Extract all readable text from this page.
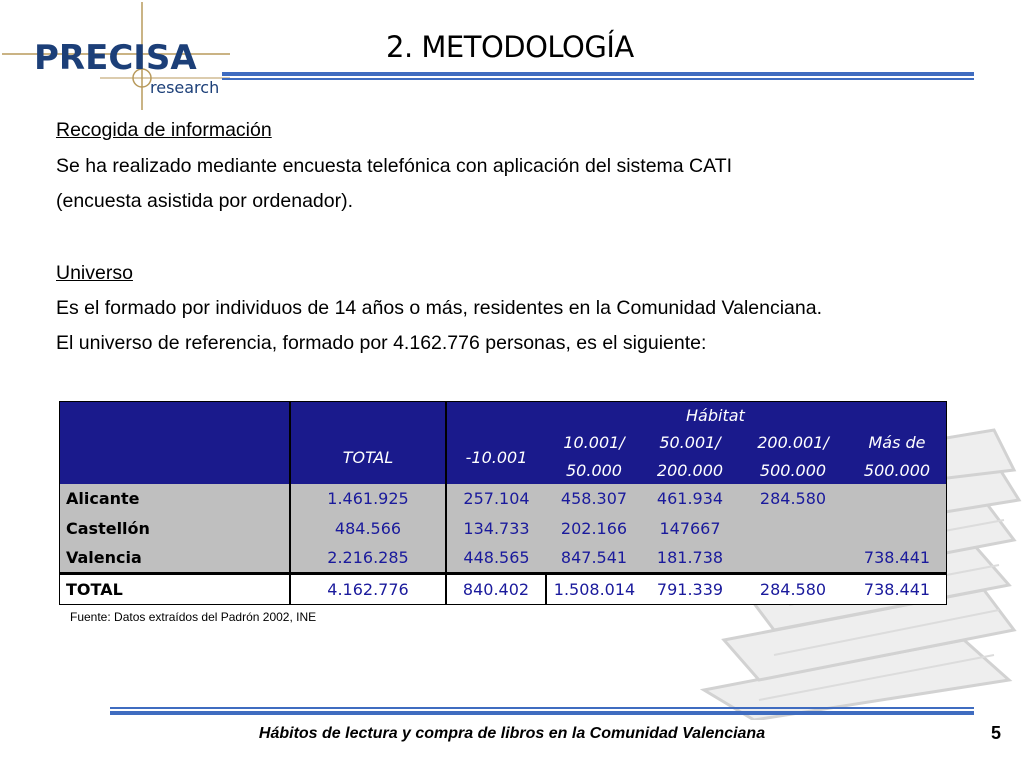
PRECISA
research
2. METODOLOGÍA
Recogida de información
Se ha realizado mediante encuesta telefónica con aplicación del sistema CATI
(encuesta asistida por ordenador).
Universo
Es el formado por individuos de 14 años o más, residentes en la Comunidad Valenciana.
El universo de referencia, formado por 4.162.776 personas, es el siguiente:
	TOTAL	-10.001	Hábitat			
			10.001/	50.001/	200.001/	Más de
			50.000	200.000	500.000	500.000
Alicante	1.461.925	257.104	458.307	461.934	284.580	
Castellón	484.566	134.733	202.166	147667		
Valencia	2.216.285	448.565	847.541	181.738		738.441
TOTAL	4.162.776	840.402	1.508.014	791.339	284.580	738.441
Fuente: Datos extraídos del Padrón 2002, INE
Hábitos de lectura y compra de libros en la Comunidad Valenciana	5
